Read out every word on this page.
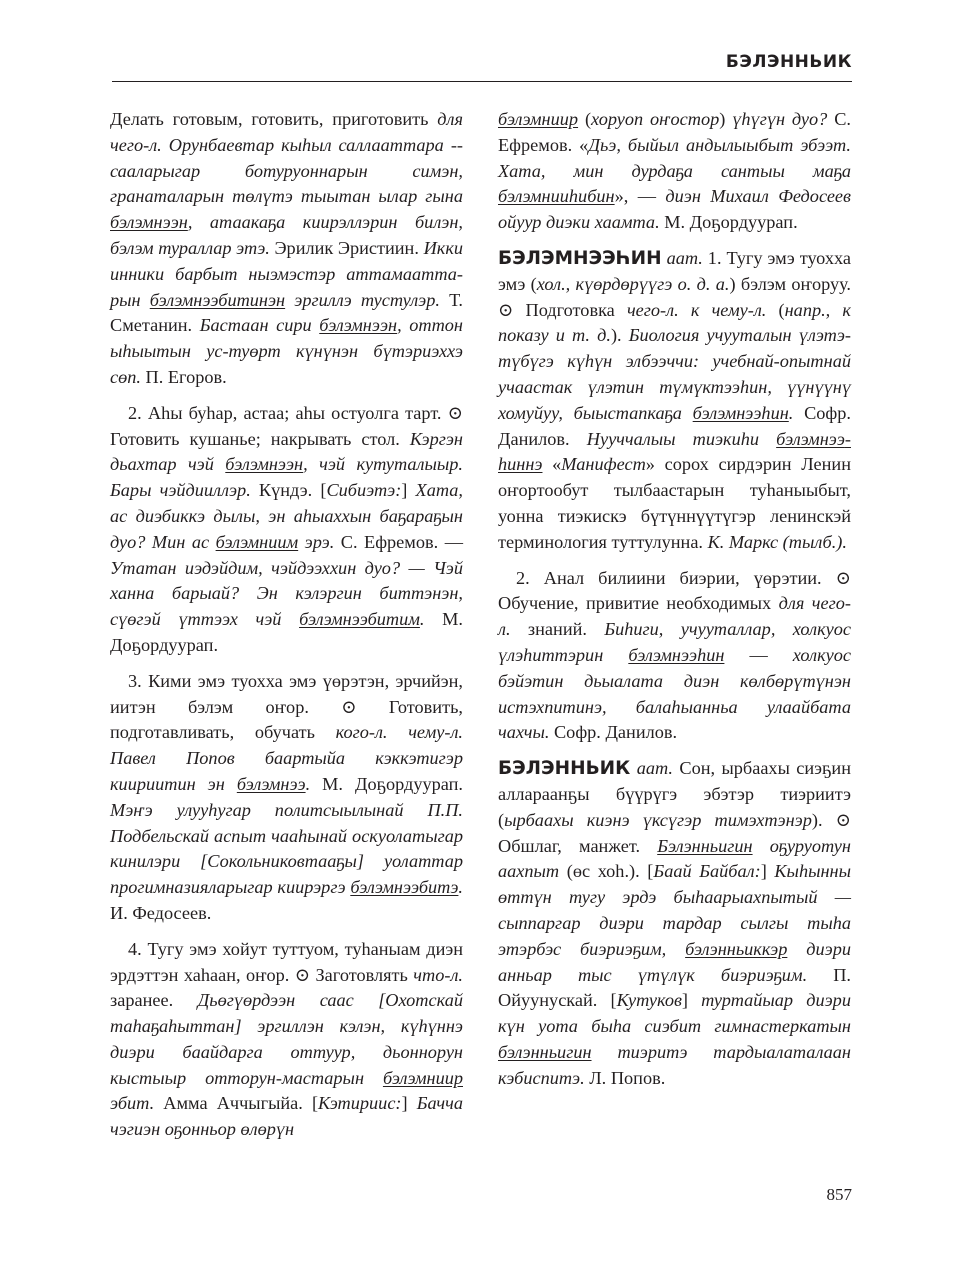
БЭЛЭННЬИК

Делать готовым, готовить, приготовить для чего-л. Орунбаевтар кыһыл саллааттара -- сааларыгар ботуруоннарын симэн, гранаталарын төлүтэ тыытан ылар гына бэлэмнээн, атаакаҕа киирэллэрин билэн, бэлэм тураллар этэ. Эрилик Эристиин. Икки инники барбыт ныэмэстэр аттамааттарын бэлэмнээбитинэн эргиллэ тустулэр. Т. Сметанин. Бастаан сири бэлэмнээн, оттон ыһыытын ус-туөрт күнүнэн бүтэриэххэ сөп. П. Егоров.

2. Аһы буһар, астаа; аһы остуолга тарт. ⊙ Готовить кушанье; накрывать стол. Кэргэн дьахтар чэй бэлэмнээн, чэй кутуталыыр. Бары чэйдииллэр. Күндэ. [Сибиэтэ:] Хата, ас диэбиккэ дылы, эн аһыаххын баҕараҕын дуо? Мин ас бэлэмниим эрэ. С. Ефремов. — Утатан иэдэйдим, чэйдээххин дуо? — Чэй ханна барыай? Эн кэлэргин биттэнэн, сүөгэй үттээх чэй бэлэмнээбитим. М. Доҕордуурап.

3. Кими эмэ туохха эмэ үөрэтэн, эрчийэн, иитэн бэлэм оҥор. ⊙ Готовить, подготавливать, обучать кого-л. чему-л. Павел Попов баартыйа кэккэтигэр киириитин эн бэлэмнээ. М. Доҕордуурап. Мэҥэ улууһугар политсыылынай П.П. Подбельскай аспыт чааһынай оскуолатыгар кинилэри [Сокольниковтааҕы] уолаттар прогимназияларыгар киирэргэ бэлэмнээбитэ. И. Федосеев.

4. Тугу эмэ хойут туттуом, туһаныам диэн эрдэттэн хаһаан, оҥор. ⊙ Заготовлять что-л. заранее. Дьөгүөрдээн саас [Охотскай таһаҕаһыттан] эргиллэн кэлэн, күһүннэ диэри баайдарга оттуур, дьоннорун кыстыыр отторун-мастарын бэлэмниир эбит. Амма Аччыгыйа. [Кэтириис:] Бачча чэгиэн оҕонньор өлөрүн

бэлэмниир (хоруоп оҥостор) үһүгүн дуо? С. Ефремов. «Дьэ, быйыл андылыыбыт эбээт. Хата, мин дурдаҕа сантыы маҕа бэлэмнииһибин», — диэн Михаил Федосеев ойуур диэки хаамта. М. Доҕордуурап.

БЭЛЭМНЭЭҺИН аат. 1. Тугу эмэ туохха эмэ (хол., күөрдөрүүгэ о. д. а.) бэлэм оҥоруу. ⊙ Подготовка чего-л. к чему-л. (напр., к показу и т. д.). Биология учууталын үлэтэ-түбүгэ күһүн элбээччи: учебнай-опытнай учаастак үлэтин түмүктээһин, үүнүүнү хомуйуу, быыстапкаҕа бэлэмнээһин. Софр. Данилов. Нууччалыы тиэкиһи бэлэмнээһиннэ «Манифест» сорох сирдэрин Ленин оҥортообут тылбаастарын туһаныыбыт, уонна тиэкискэ бүтүннүүтүгэр ленинскэй терминология туттулунна. К. Маркс (тылб.).

2. Анал билиини биэрии, үөрэтии. ⊙ Обучение, привитие необходимых для чего-л. знаний. Биһиги, учууталлар, холкуос үлэһиттэрин бэлэмнээһин — холкуос бэйэтин дьыалата диэн көлбөрүтүнэн истэхпитинэ, балаһыанньа улаайбата чахчы. Софр. Данилов.

БЭЛЭННЬИК аат. Сон, ырбаахы сиэҕин аллараанҕы бүүрүгэ эбэтэр тиэриитэ (ырбаахы киэнэ үксүгэр тимэхтэнэр). ⊙ Обшлаг, манжет. Бэлэнньигин оҕуруотун аахпыт (өс хоһ.). [Баай Байбал:] Кыһынны өттүн тугу эрдэ быһаарыахпытый — сыппаргар диэри тардар сылгы тыһа этэрбэс биэриэҕим, бэлэнньиккэр диэри анньар тыс үтүлүк биэриэҕим. П. Ойуунускай. [Кутуков] туртайыар диэри күн уота быһа сиэбит гимнастеркатын бэлэнньигин тиэритэ тардыалаталаан кэбиспитэ. Л. Попов.

857
